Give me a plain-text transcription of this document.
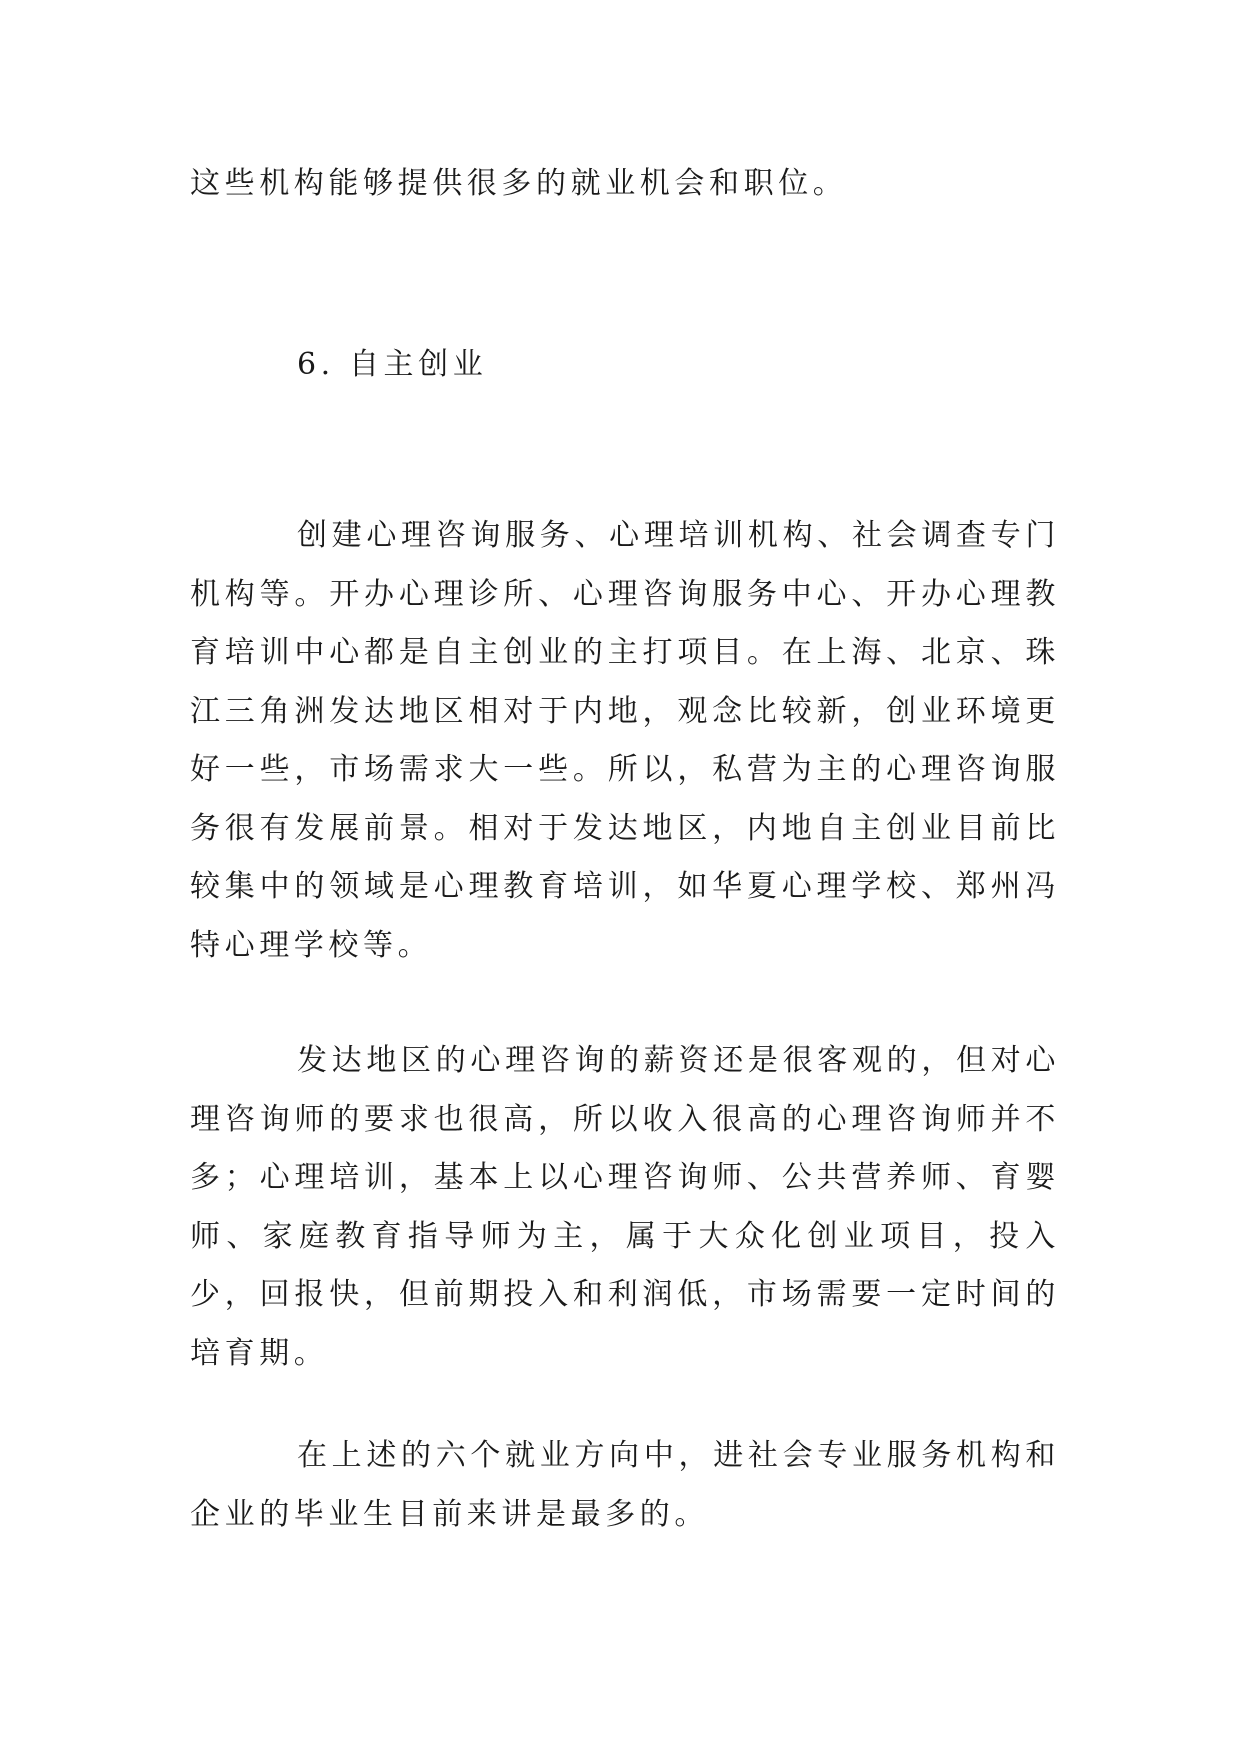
这些机构能够提供很多的就业机会和职位。

6. 自主创业

创建心理咨询服务、心理培训机构、社会调查专门机构等。开办心理诊所、心理咨询服务中心、开办心理教育培训中心都是自主创业的主打项目。在上海、北京、珠江三角洲发达地区相对于内地，观念比较新，创业环境更好一些，市场需求大一些。所以，私营为主的心理咨询服务很有发展前景。相对于发达地区，内地自主创业目前比较集中的领域是心理教育培训，如华夏心理学校、郑州冯特心理学校等。

发达地区的心理咨询的薪资还是很客观的，但对心理咨询师的要求也很高，所以收入很高的心理咨询师并不多；心理培训，基本上以心理咨询师、公共营养师、育婴师、家庭教育指导师为主，属于大众化创业项目，投入少，回报快，但前期投入和利润低，市场需要一定时间的培育期。

在上述的六个就业方向中，进社会专业服务机构和企业的毕业生目前来讲是最多的。
